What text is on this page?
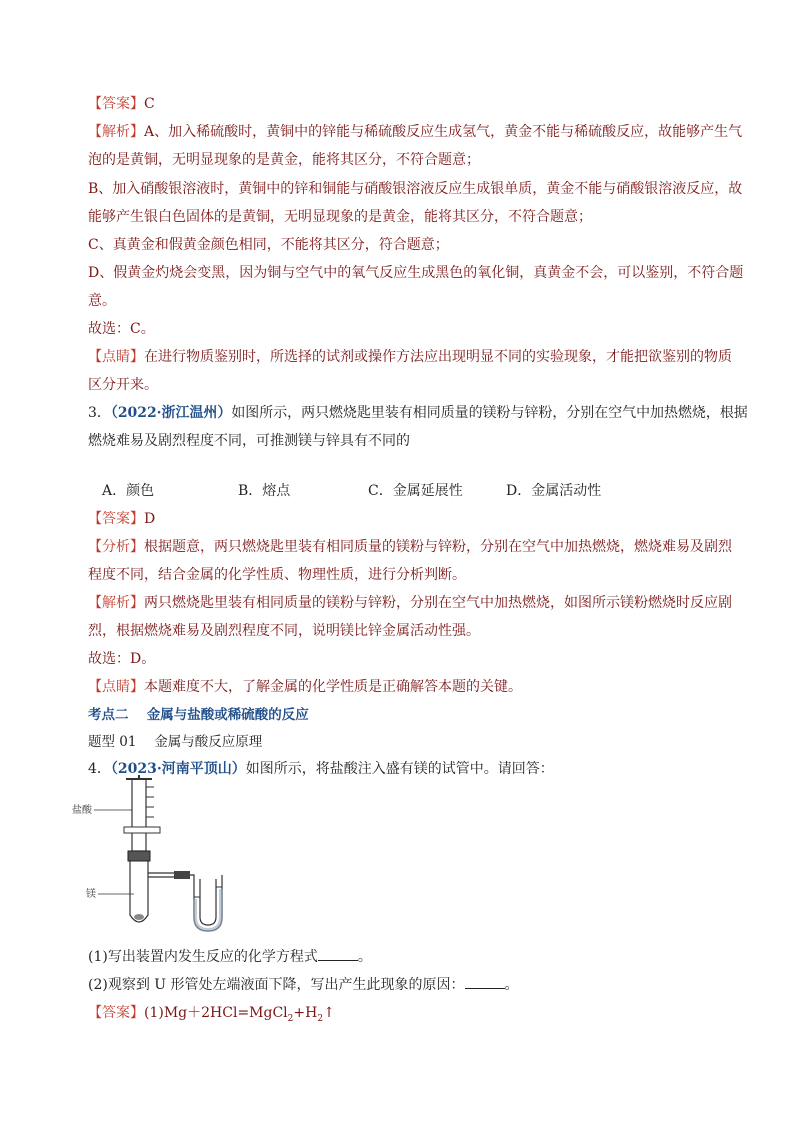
【答案】C
【解析】A、加入稀硫酸时，黄铜中的锌能与稀硫酸反应生成氢气，黄金不能与稀硫酸反应，故能够产生气
泡的是黄铜，无明显现象的是黄金，能将其区分，不符合题意；
B、加入硝酸银溶液时，黄铜中的锌和铜能与硝酸银溶液反应生成银单质，黄金不能与硝酸银溶液反应，故
能够产生银白色固体的是黄铜，无明显现象的是黄金，能将其区分，不符合题意；
C、真黄金和假黄金颜色相同，不能将其区分，符合题意；
D、假黄金灼烧会变黑，因为铜与空气中的氧气反应生成黑色的氧化铜，真黄金不会，可以鉴别，不符合题
意。
故选：C。
【点睛】在进行物质鉴别时，所选择的试剂或操作方法应出现明显不同的实验现象，才能把欲鉴别的物质
区分开来。
3．（2022·浙江温州）如图所示，两只燃烧匙里装有相同质量的镁粉与锌粉，分别在空气中加热燃烧，根据
燃烧难易及剧烈程度不同，可推测镁与锌具有不同的
A．颜色	B．熔点	C．金属延展性	D．金属活动性
【答案】D
【分析】根据题意，两只燃烧匙里装有相同质量的镁粉与锌粉，分别在空气中加热燃烧，燃烧难易及剧烈
程度不同，结合金属的化学性质、物理性质，进行分析判断。
【解析】两只燃烧匙里装有相同质量的镁粉与锌粉，分别在空气中加热燃烧，如图所示镁粉燃烧时反应剧
烈，根据燃烧难易及剧烈程度不同，说明镁比锌金属活动性强。
故选：D。
【点睛】本题难度不大，了解金属的化学性质是正确解答本题的关键。
考点二　 金属与盐酸或稀硫酸的反应
题型 01　 金属与酸反应原理
4．（2023·河南平顶山）如图所示，将盐酸注入盛有镁的试管中。请回答：
盐酸
镁
(1)写出装置内发生反应的化学方程式	。
(2)观察到 U 形管处左端液面下降，写出产生此现象的原因：	。
【答案】$(1)Mg+2HCl=MgCl_2+H_2↑$
